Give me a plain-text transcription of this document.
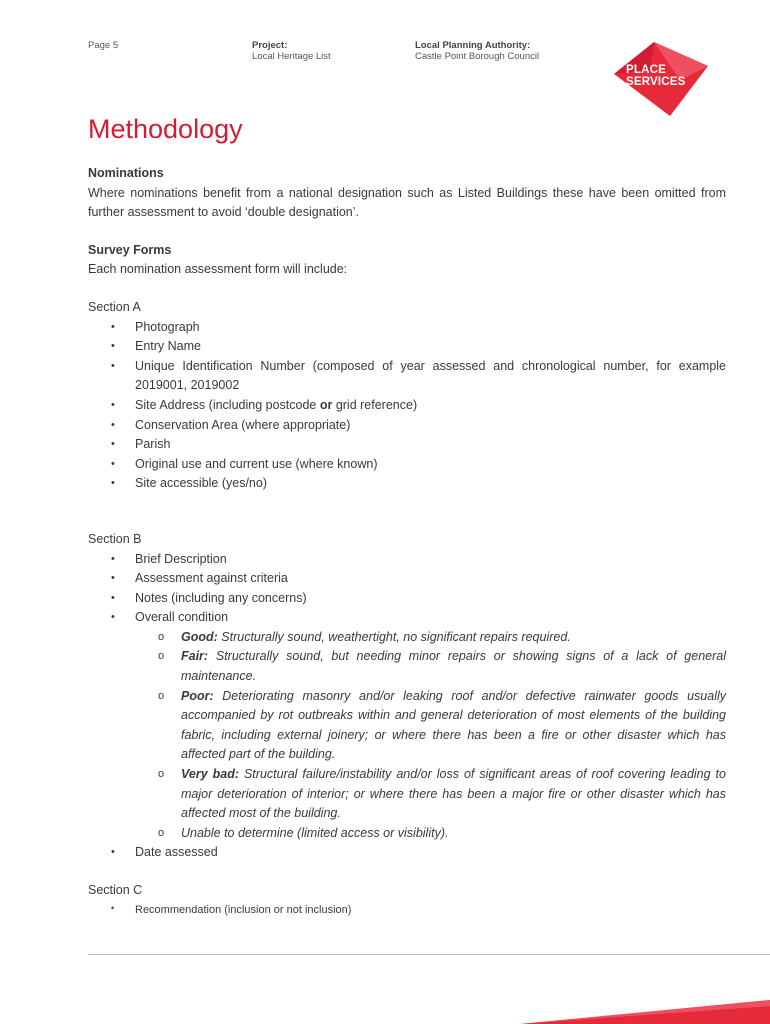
Page 5	Project:
Local Heritage List
Local Planning Authority:
Castle Point Borough Council
PLACE
SERVICES
Methodology
Nominations
Where nominations benefit from a national designation such as Listed Buildings these have been omitted from further assessment to avoid ‘double designation’.
Survey Forms
Each nomination assessment form will include:
Section A
• Photograph
• Entry Name
• Unique Identification Number (composed of year assessed and chronological number, for example 2019001, 2019002
• Site Address (including postcode or grid reference)
• Conservation Area (where appropriate)
• Parish
• Original use and current use (where known)
• Site accessible (yes/no)
Section B
• Brief Description
• Assessment against criteria
• Notes (including any concerns)
• Overall condition
o Good: Structurally sound, weathertight, no significant repairs required.
o Fair: Structurally sound, but needing minor repairs or showing signs of a lack of general maintenance.
o Poor: Deteriorating masonry and/or leaking roof and/or defective rainwater goods usually accompanied by rot outbreaks within and general deterioration of most elements of the building fabric, including external joinery; or where there has been a fire or other disaster which has affected part of the building.
o Very bad: Structural failure/instability and/or loss of significant areas of roof covering leading to major deterioration of interior; or where there has been a major fire or other disaster which has affected most of the building.
o Unable to determine (limited access or visibility).
• Date assessed
Section C
• Recommendation (inclusion or not inclusion)
